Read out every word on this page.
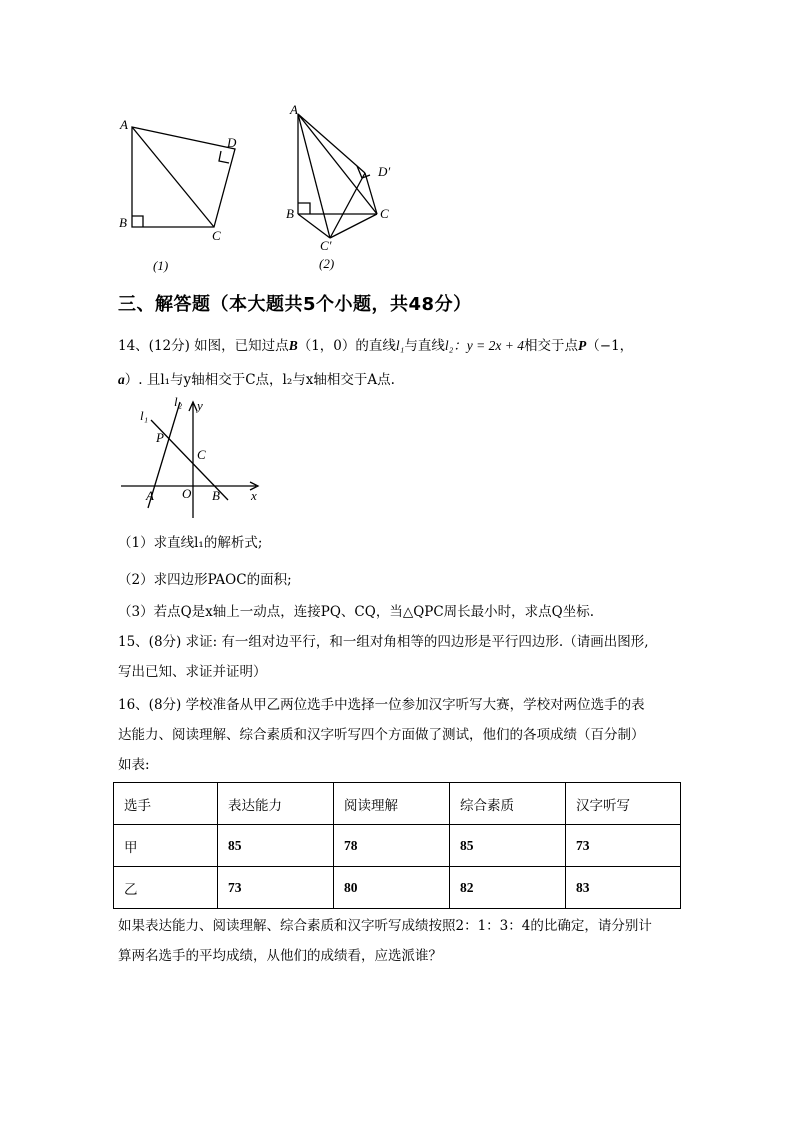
A
D
B
C
(1)
A
D′
B	C
C′
(2)
三、解答题（本大题共5个小题，共48分）
14、(12分) 如图，已知过点B（1，0）的直线l₁与直线l₂：y = 2x + 4相交于点P（−1，
a）. 且l₁与y轴相交于C点，l₂与x轴相交于A点.
l₂ y
l₁
P
C
A O B x
（1）求直线l₁的解析式;
（2）求四边形PAOC的面积;
（3）若点Q是x轴上一动点，连接PQ、CQ，当△QPC周长最小时，求点Q坐标.
15、(8分) 求证: 有一组对边平行，和一组对角相等的四边形是平行四边形.（请画出图形,
写出已知、求证并证明）
16、(8分) 学校准备从甲乙两位选手中选择一位参加汉字听写大赛，学校对两位选手的表
达能力、阅读理解、综合素质和汉字听写四个方面做了测试，他们的各项成绩（百分制）
如表:
选手	表达能力	阅读理解	综合素质	汉字听写
甲	85	78	85	73
乙	73	80	82	83
如果表达能力、阅读理解、综合素质和汉字听写成绩按照2：1：3：4的比确定，请分别计
算两名选手的平均成绩，从他们的成绩看，应选派谁？
